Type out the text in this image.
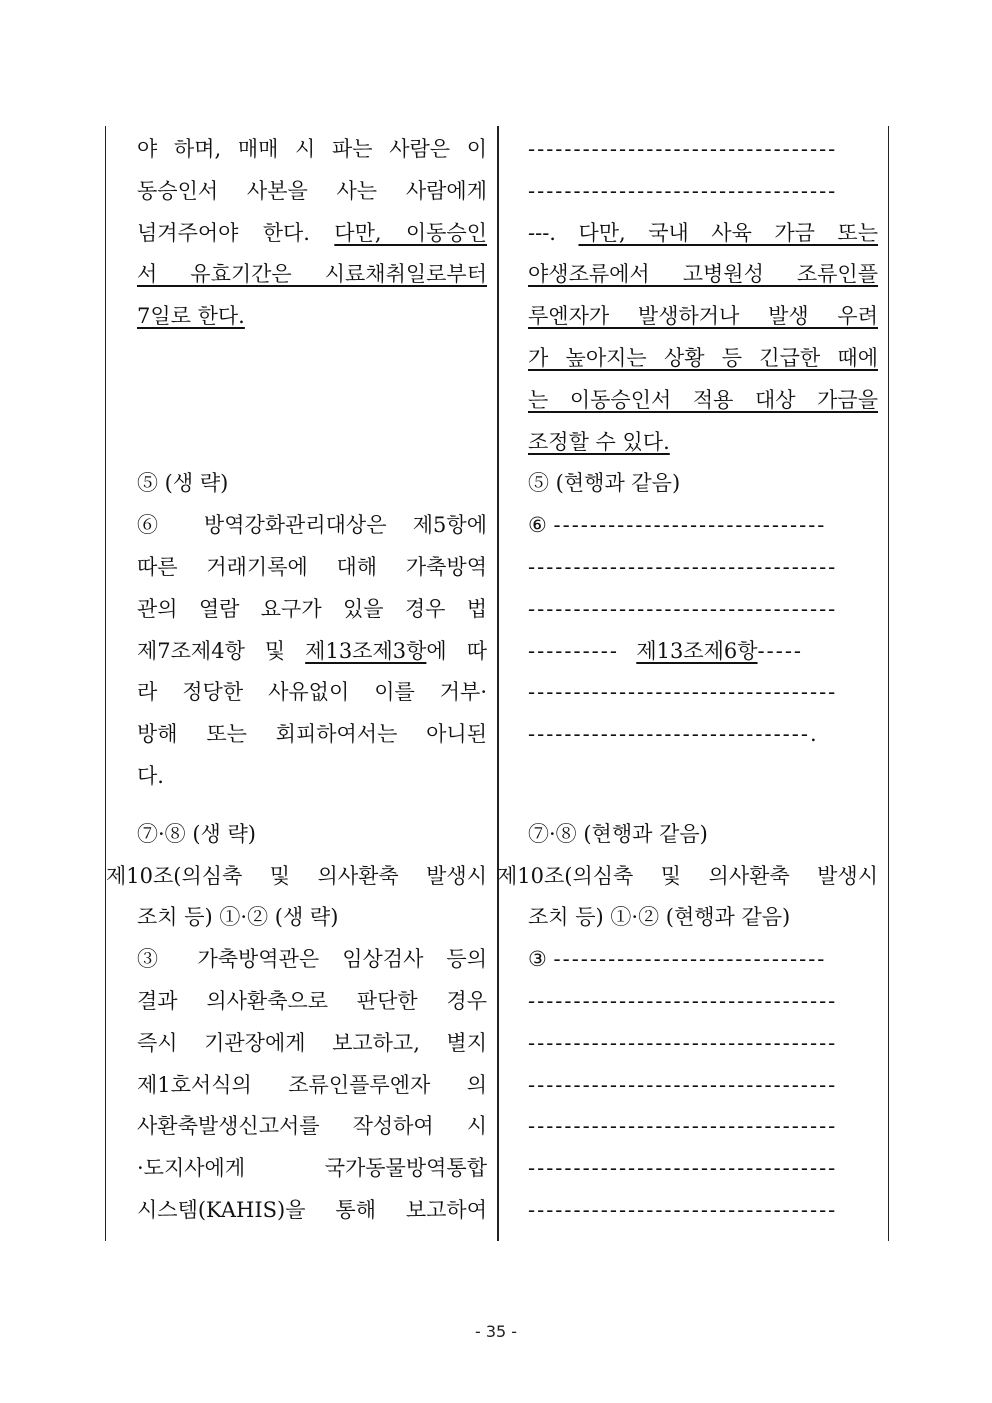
야 하며, 매매 시 파는 사람은 이
동승인서 사본을 사는 사람에게
넘겨주어야 한다. 다만, 이동승인
서 유효기간은 시료채취일로부터
7일로 한다.
⑤ (생 략)
⑥ 방역강화관리대상은 제5항에
따른 거래기록에 대해 가축방역
관의 열람 요구가 있을 경우 법
제7조제4항 및 제13조제3항에 따
라 정당한 사유없이 이를 거부·
방해 또는 회피하여서는 아니된
다.
⑦·⑧ (생 략)
제10조(의심축 및 의사환축 발생시
조치 등) ①·② (생 략)
③ 가축방역관은 임상검사 등의
결과 의사환축으로 판단한 경우
즉시 기관장에게 보고하고, 별지
제1호서식의 조류인플루엔자 의
사환축발생신고서를 작성하여 시
·도지사에게 국가동물방역통합
시스템(KAHIS)을 통해 보고하여
----------------------------------
----------------------------------
---. 다만, 국내 사육 가금 또는
야생조류에서 고병원성 조류인플
루엔자가 발생하거나 발생 우려
가 높아지는 상황 등 긴급한 때에
는 이동승인서 적용 대상 가금을
조정할 수 있다.
⑤ (현행과 같음)
⑥ ------------------------------
----------------------------------
----------------------------------
----------  제13조제6항-----
----------------------------------
-------------------------------.
⑦·⑧ (현행과 같음)
제10조(의심축 및 의사환축 발생시
조치 등) ①·② (현행과 같음)
③ ------------------------------
----------------------------------
----------------------------------
----------------------------------
----------------------------------
----------------------------------
----------------------------------
- 35 -
